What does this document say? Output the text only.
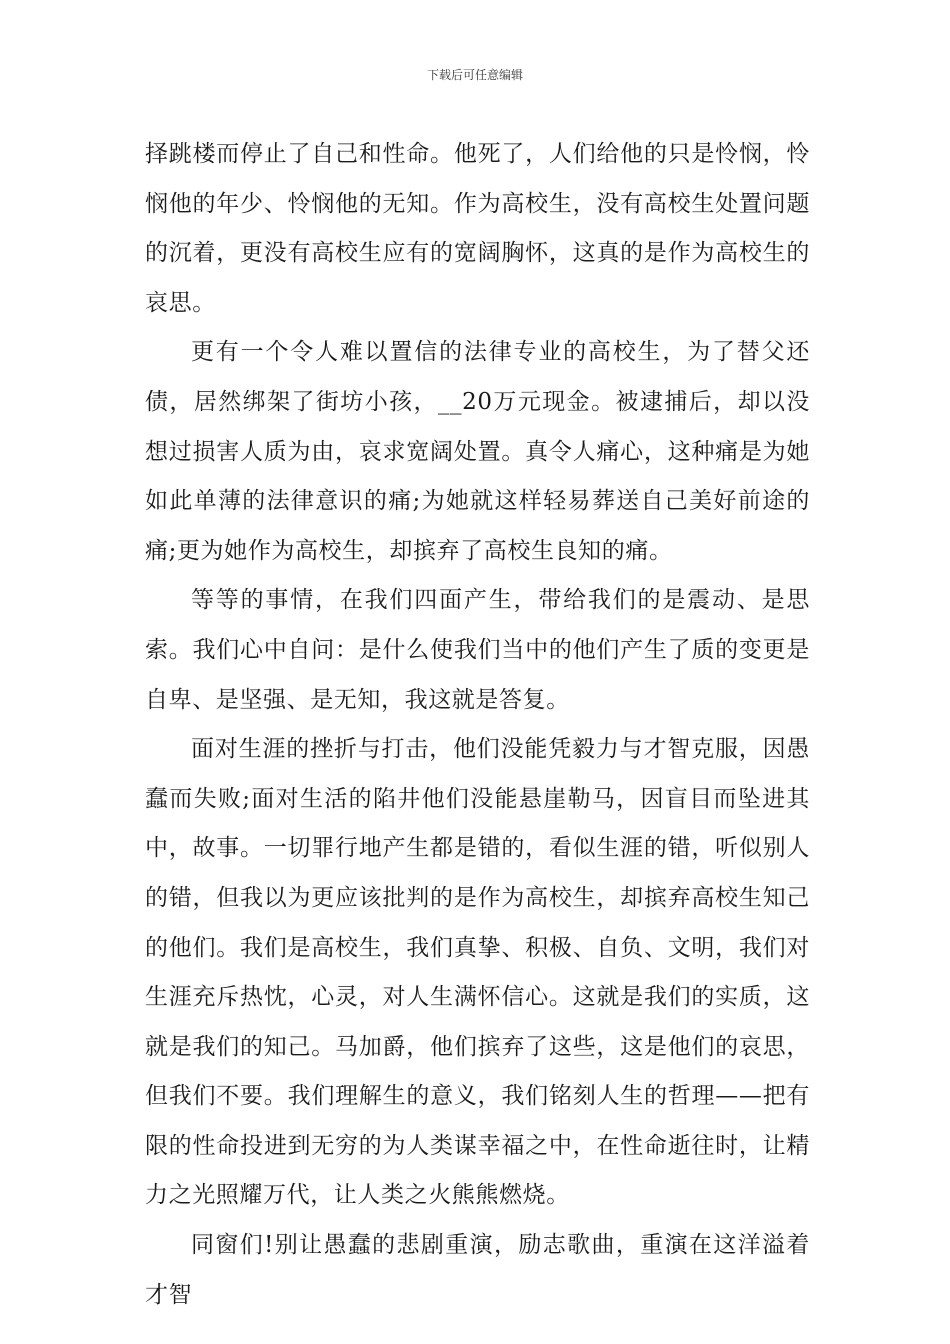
下载后可任意编辑

择跳楼而停止了自己和性命。他死了，人们给他的只是怜悯，怜悯他的年少、怜悯他的无知。作为高校生，没有高校生处置问题的沉着，更没有高校生应有的宽阔胸怀，这真的是作为高校生的哀思。

更有一个令人难以置信的法律专业的高校生，为了替父还债，居然绑架了街坊小孩，__20万元现金。被逮捕后，却以没想过损害人质为由，哀求宽阔处置。真令人痛心，这种痛是为她如此单薄的法律意识的痛;为她就这样轻易葬送自己美好前途的痛;更为她作为高校生，却摈弃了高校生良知的痛。

等等的事情，在我们四面产生，带给我们的是震动、是思索。我们心中自问：是什么使我们当中的他们产生了质的变更是自卑、是坚强、是无知，我这就是答复。

面对生涯的挫折与打击，他们没能凭毅力与才智克服，因愚蠢而失败;面对生活的陷井他们没能悬崖勒马，因盲目而坠进其中，故事。一切罪行地产生都是错的，看似生涯的错，听似别人的错，但我以为更应该批判的是作为高校生，却摈弃高校生知己的他们。我们是高校生，我们真挚、积极、自负、文明，我们对生涯充斥热忱，心灵，对人生满怀信心。这就是我们的实质，这就是我们的知己。马加爵，他们摈弃了这些，这是他们的哀思，但我们不要。我们理解生的意义，我们铭刻人生的哲理——把有限的性命投进到无穷的为人类谋幸福之中，在性命逝往时，让精力之光照耀万代，让人类之火熊熊燃烧。

同窗们!别让愚蠢的悲剧重演，励志歌曲，重演在这洋溢着才智
